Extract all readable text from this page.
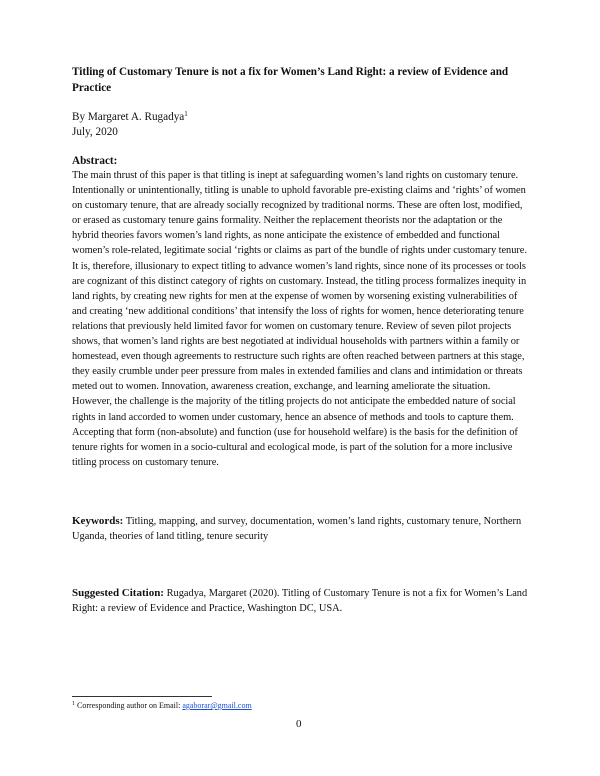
Titling of Customary Tenure is not a fix for Women’s Land Right: a review of Evidence and Practice
By Margaret A. Rugadya$^1$
July, 2020
Abstract:

The main thrust of this paper is that titling is inept at safeguarding women’s land rights on customary tenure. Intentionally or unintentionally, titling is unable to uphold favorable pre-existing claims and ‘rights’ of women on customary tenure, that are already socially recognized by traditional norms. These are often lost, modified, or erased as customary tenure gains formality. Neither the replacement theorists nor the adaptation or the hybrid theories favors women’s land rights, as none anticipate the existence of embedded and functional women’s role-related, legitimate social ‘rights or claims as part of the bundle of rights under customary tenure. It is, therefore, illusionary to expect titling to advance women’s land rights, since none of its processes or tools are cognizant of this distinct category of rights on customary. Instead, the titling process formalizes inequity in land rights, by creating new rights for men at the expense of women by worsening existing vulnerabilities of and creating ‘new additional conditions’ that intensify the loss of rights for women, hence deteriorating tenure relations that previously held limited favor for women on customary tenure. Review of seven pilot projects shows, that women’s land rights are best negotiated at individual households with partners within a family or homestead, even though agreements to restructure such rights are often reached between partners at this stage, they easily crumble under peer pressure from males in extended families and clans and intimidation or threats meted out to women. Innovation, awareness creation, exchange, and learning ameliorate the situation. However, the challenge is the majority of the titling projects do not anticipate the embedded nature of social rights in land accorded to women under customary, hence an absence of methods and tools to capture them. Accepting that form (non-absolute) and function (use for household welfare) is the basis for the definition of tenure rights for women in a socio-cultural and ecological mode, is part of the solution for a more inclusive titling process on customary tenure.

Keywords: Titling, mapping, and survey, documentation, women’s land rights, customary tenure, Northern Uganda, theories of land titling, tenure security

Suggested Citation: Rugadya, Margaret (2020). Titling of Customary Tenure is not a fix for Women’s Land Right: a review of Evidence and Practice, Washington DC, USA.

$^1$ Corresponding author on Email: agaborar@gmail.com
0
